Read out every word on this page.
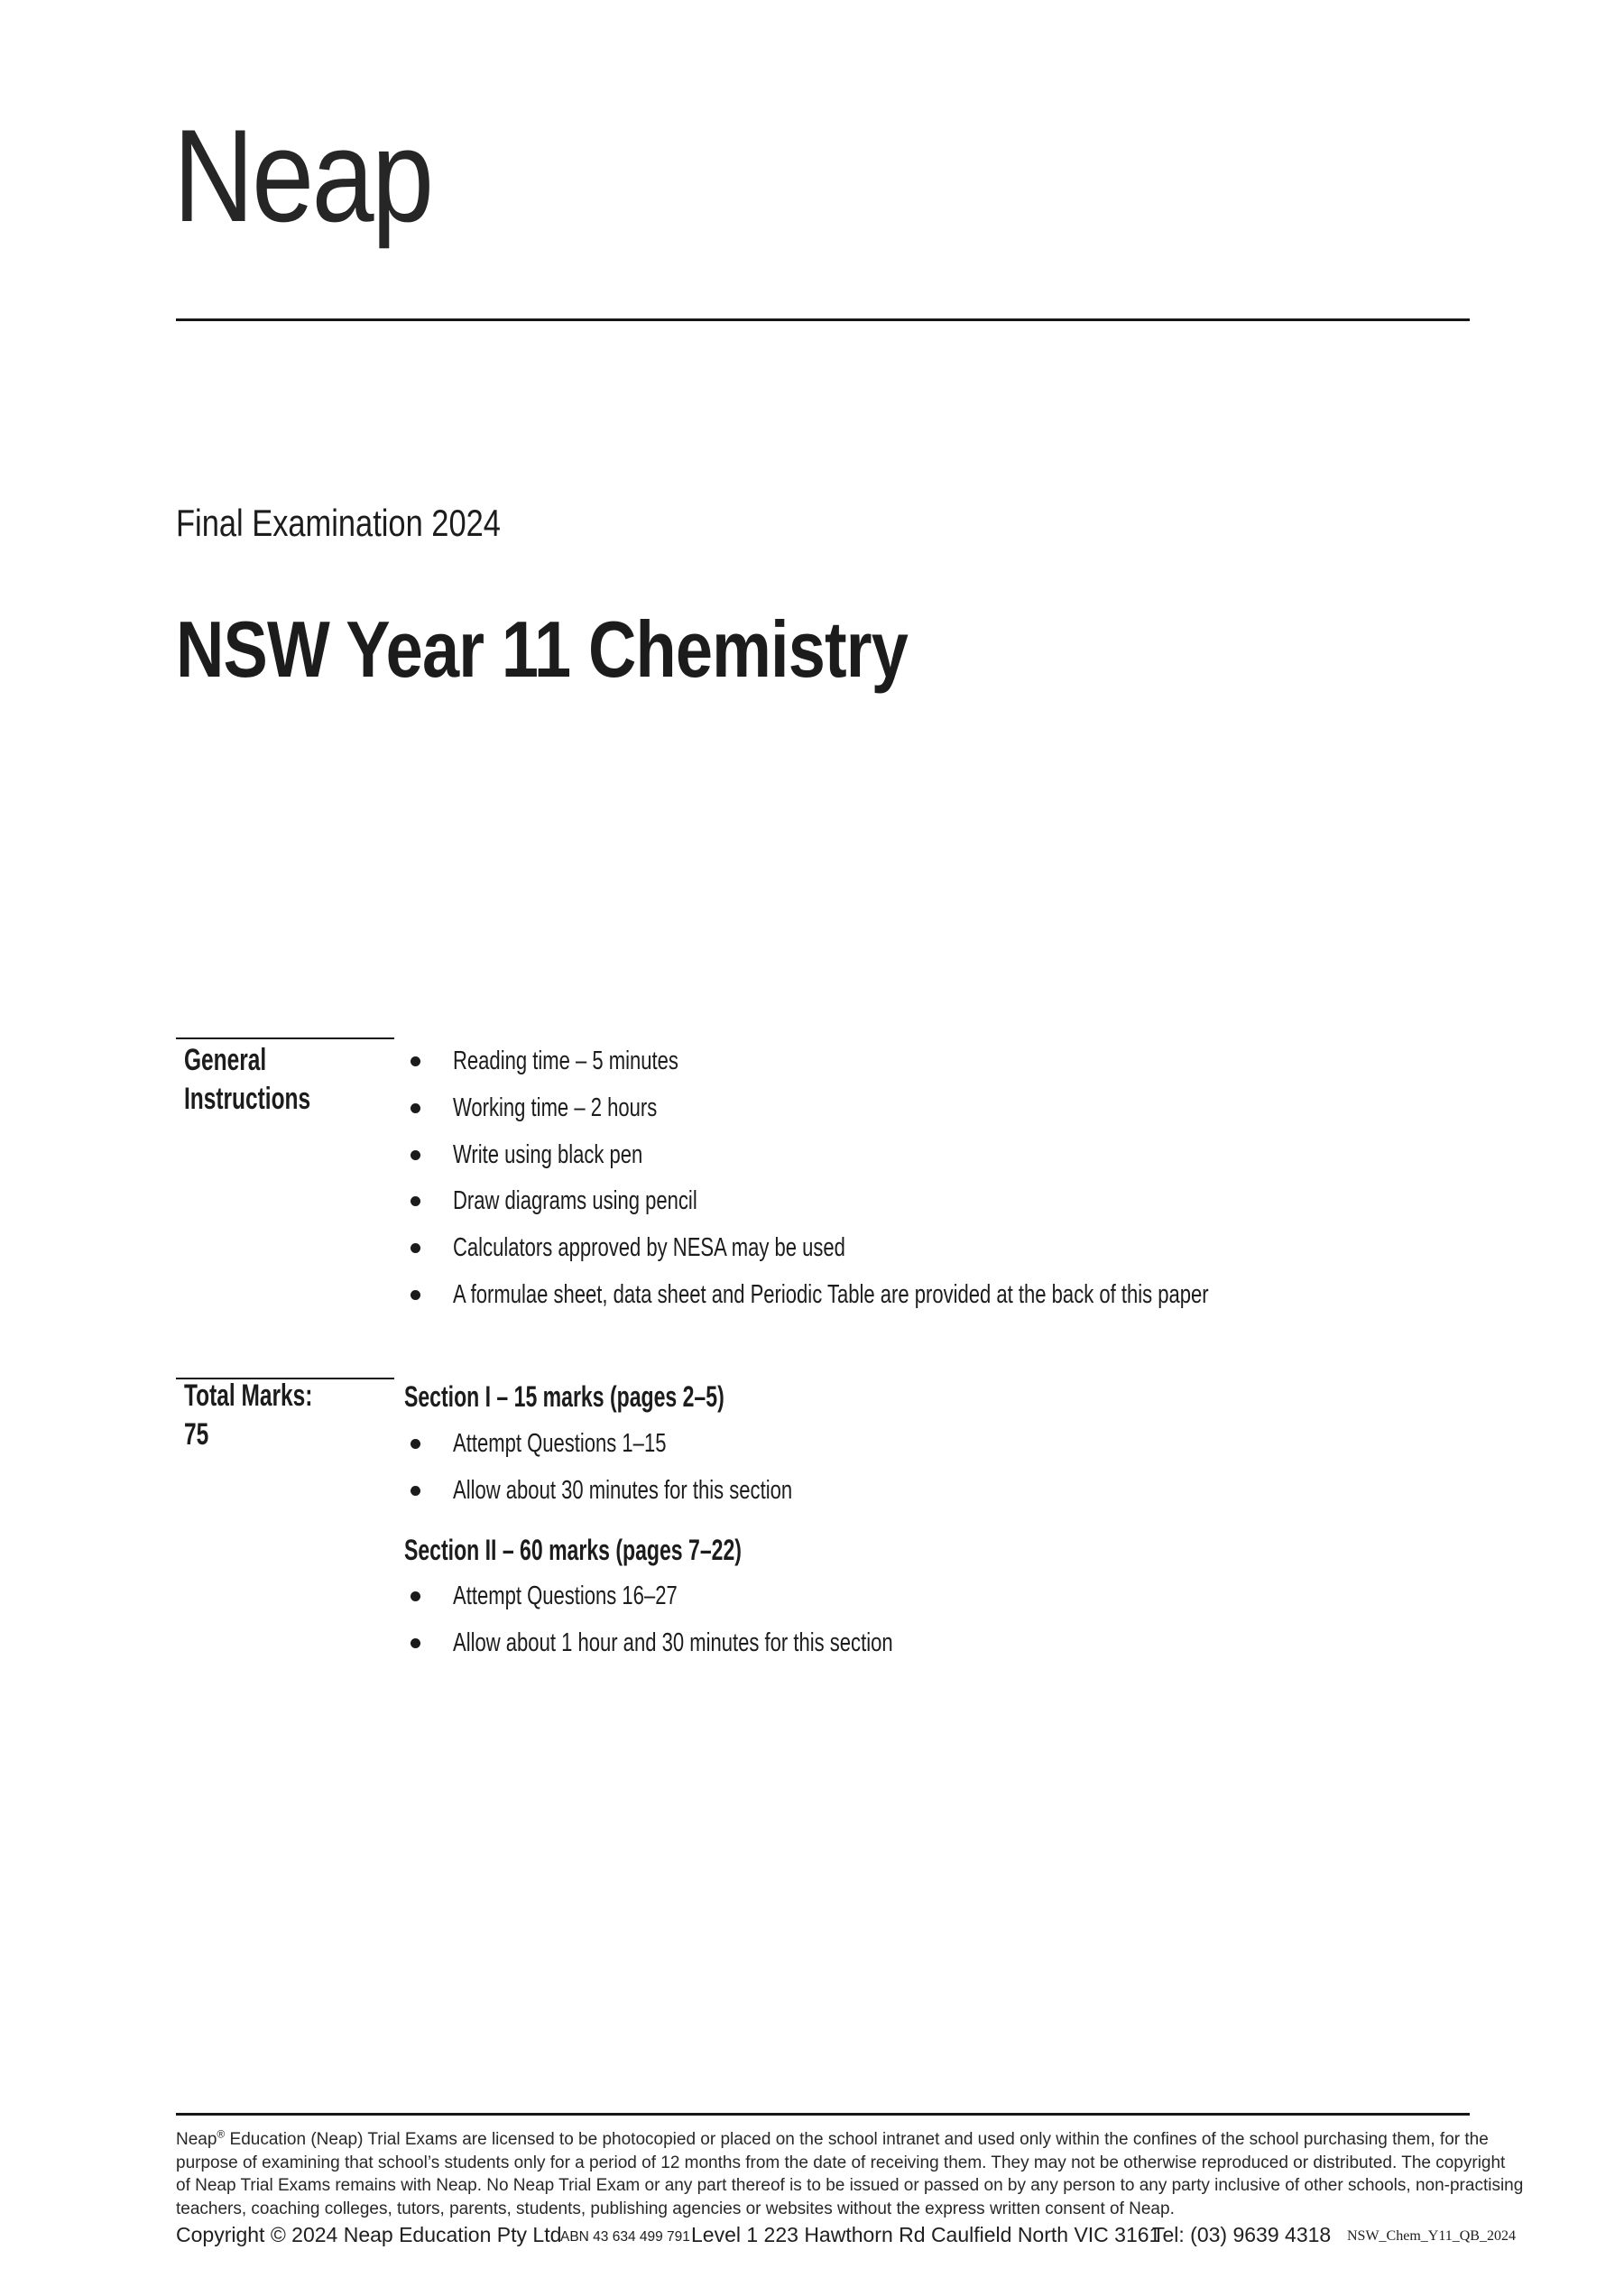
Neap
Final Examination 2024
NSW Year 11 Chemistry
General
Instructions
Reading time – 5 minutes
Working time – 2 hours
Write using black pen
Draw diagrams using pencil
Calculators approved by NESA may be used
A formulae sheet, data sheet and Periodic Table are provided at the back of this paper
Total Marks:
75
Section I – 15 marks (pages 2–5)
Attempt Questions 1–15
Allow about 30 minutes for this section
Section II – 60 marks (pages 7–22)
Attempt Questions 16–27
Allow about 1 hour and 30 minutes for this section
Neap® Education (Neap) Trial Exams are licensed to be photocopied or placed on the school intranet and used only within the confines of the school purchasing them, for the
purpose of examining that school’s students only for a period of 12 months from the date of receiving them. They may not be otherwise reproduced or distributed. The copyright
of Neap Trial Exams remains with Neap. No Neap Trial Exam or any part thereof is to be issued or passed on by any person to any party inclusive of other schools, non-practising
teachers, coaching colleges, tutors, parents, students, publishing agencies or websites without the express written consent of Neap.
Copyright © 2024 Neap Education Pty Ltd
ABN 43 634 499 791 Level 1 223 Hawthorn Rd Caulfield North VIC 3161
Tel: (03) 9639 4318 NSW_Chem_Y11_QB_2024
